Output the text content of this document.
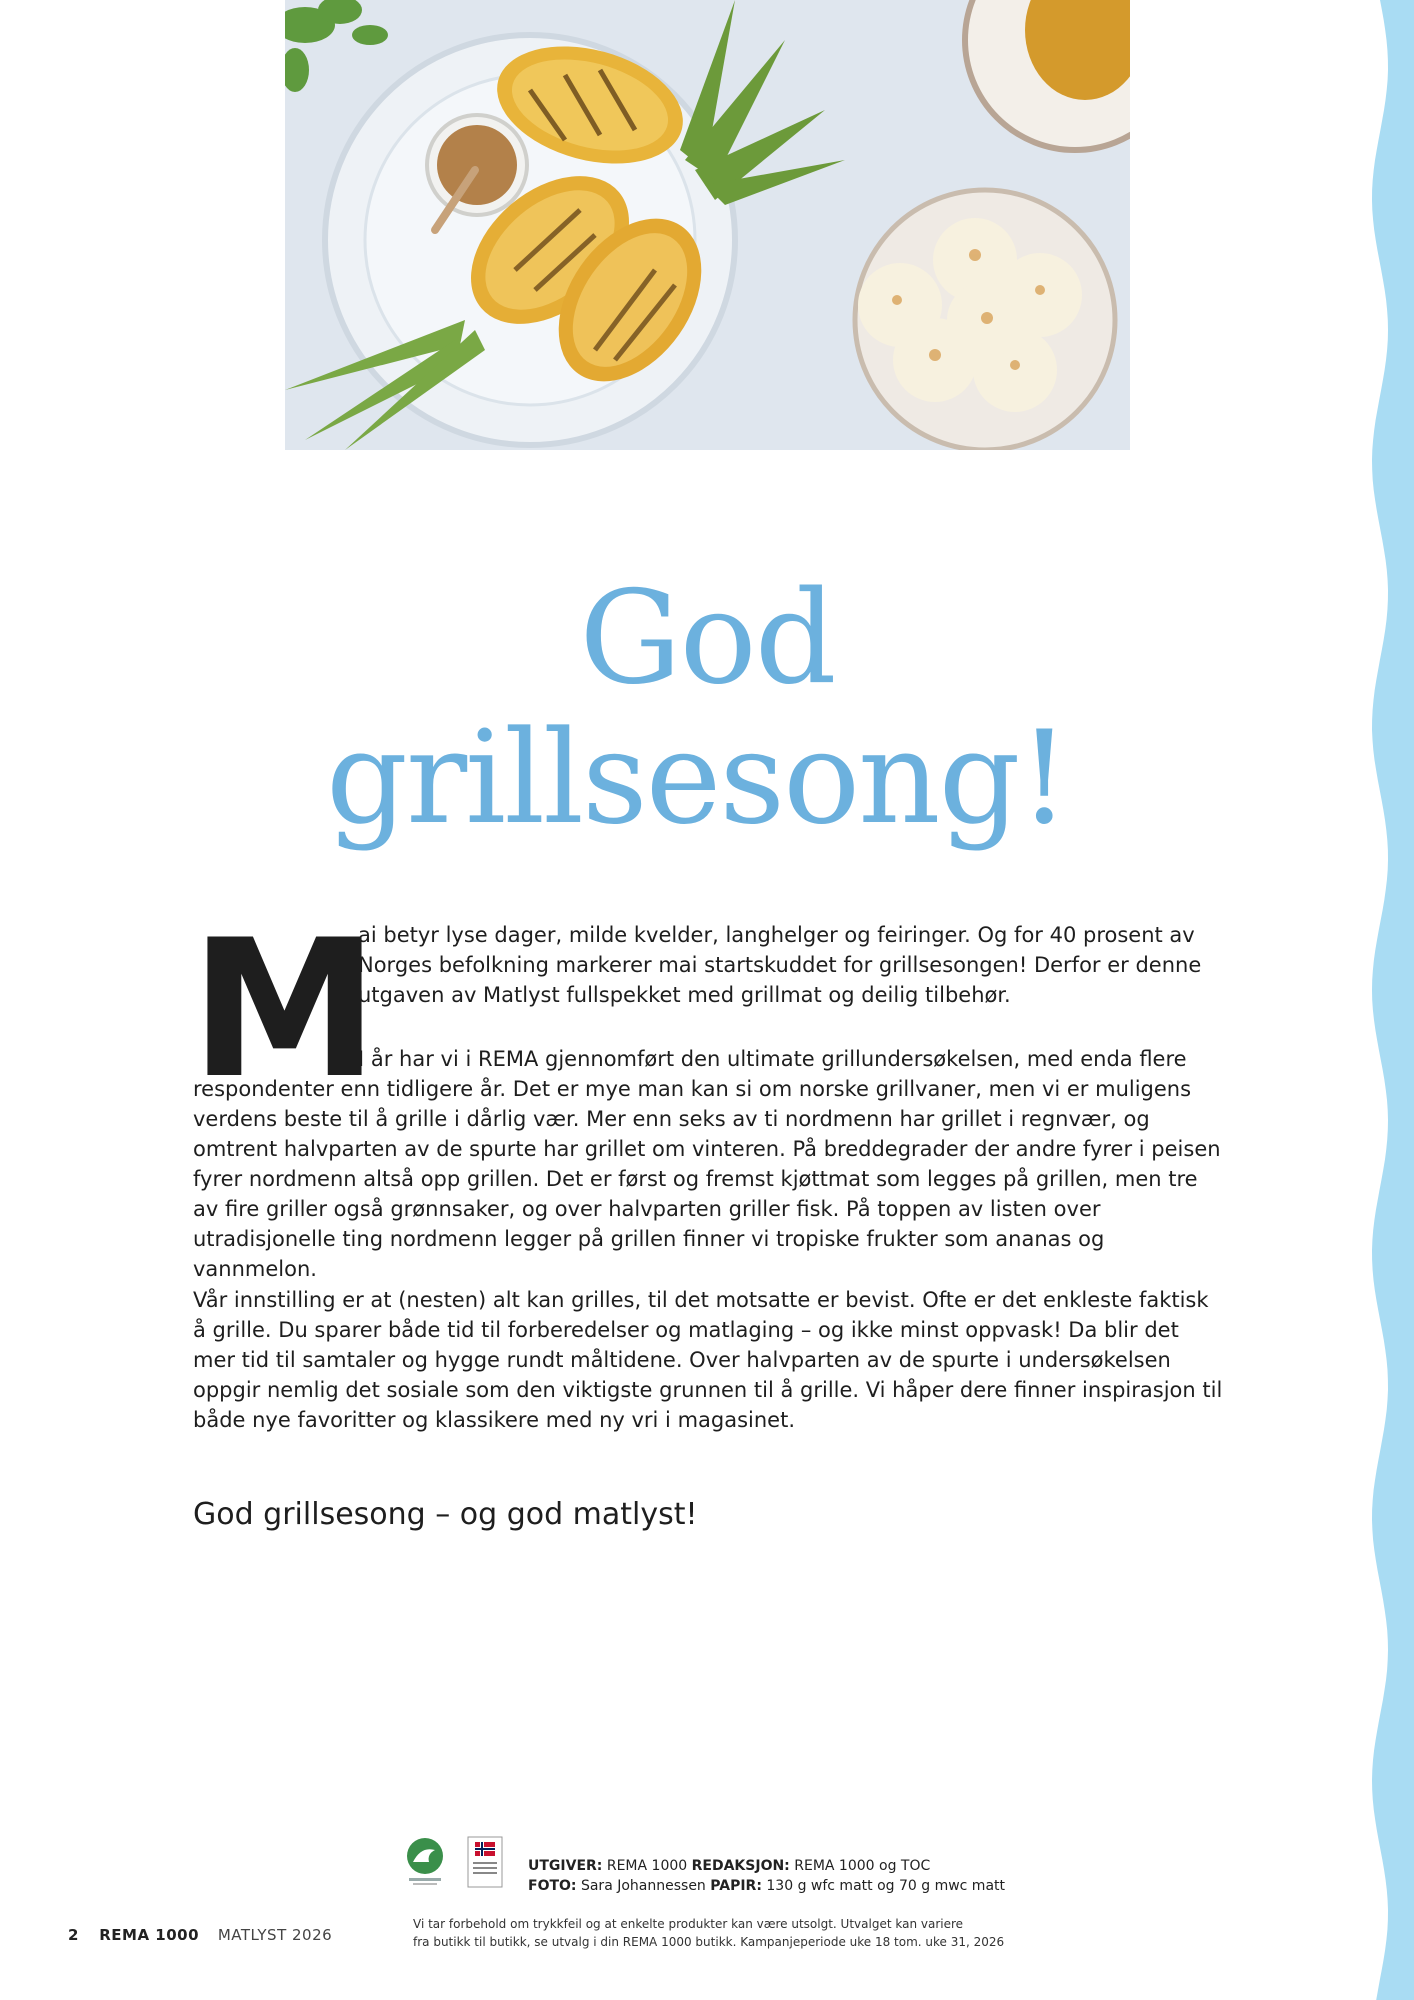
God
grillsesong!
M

ai betyr lyse dager, milde kvelder, langhelger og feiringer. Og for 40 prosent av Norges befolkning markerer mai startskuddet for grillsesongen! Derfor er denne utgaven av Matlyst fullspekket med grillmat og deilig tilbehør.

I år har vi i REMA gjennomført den ultimate grillundersøkelsen, med enda flere respondenter enn tidligere år. Det er mye man kan si om norske grillvaner, men vi er muligens verdens beste til å grille i dårlig vær. Mer enn seks av ti nordmenn har grillet i regnvær, og omtrent halvparten av de spurte har grillet om vinteren. På breddegrader der andre fyrer i peisen fyrer nordmenn altså opp grillen. Det er først og fremst kjøttmat som legges på grillen, men tre av fire griller også grønnsaker, og over halvparten griller fisk. På toppen av listen over utradisjonelle ting nordmenn legger på grillen finner vi tropiske frukter som ananas og vannmelon.

Vår innstilling er at (nesten) alt kan grilles, til det motsatte er bevist. Ofte er det enkleste faktisk å grille. Du sparer både tid til forberedelser og matlaging – og ikke minst oppvask! Da blir det mer tid til samtaler og hygge rundt måltidene. Over halvparten av de spurte i undersøkelsen oppgir nemlig det sosiale som den viktigste grunnen til å grille. Vi håper dere finner inspirasjon til både nye favoritter og klassikere med ny vri i magasinet.

God grillsesong – og god matlyst!
UTGIVER: REMA 1000 REDAKSJON: REMA 1000 og TOC
FOTO: Sara Johannessen PAPIR: 130 g wfc matt og 70 g mwc matt
Vi tar forbehold om trykkfeil og at enkelte produkter kan være utsolgt. Utvalget kan variere
fra butikk til butikk, se utvalg i din REMA 1000 butikk. Kampanjeperiode uke 18 tom. uke 31, 2026
2 REMA 1000 MATLYST 2026
